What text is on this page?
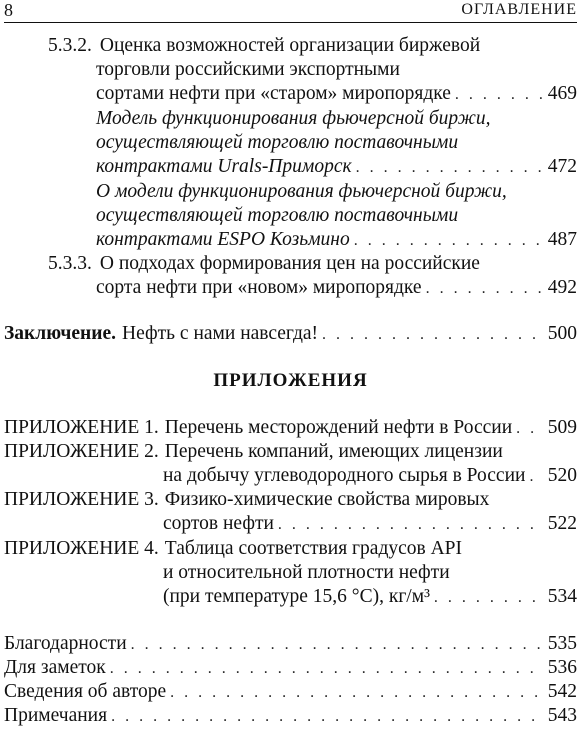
8	ОГЛАВЛЕНИЕ
5.3.2. Оценка возможностей организации биржевой
торговли российскими экспортными
сортами нефти при «старом» миропорядке . . .	469
Модель функционирования фьючерсной биржи,
осуществляющей торговлю поставочными
контрактами Urals-Приморск . . .	472
О модели функционирования фьючерсной биржи,
осуществляющей торговлю поставочными
контрактами ESPO Козьмино . . .	487
5.3.3. О подходах формирования цен на российские
сорта нефти при «новом» миропорядке . . .	492
Заключение. Нефть с нами навсегда! . . .	500
ПРИЛОЖЕНИЯ
ПРИЛОЖЕНИЕ 1. Перечень месторождений нефти в России . . . 509
ПРИЛОЖЕНИЕ 2. Перечень компаний, имеющих лицензии
на добычу углеводородного сырья в России . . . 520
ПРИЛОЖЕНИЕ 3. Физико-химические свойства мировых
сортов нефти . . .	522
ПРИЛОЖЕНИЕ 4. Таблица соответствия градусов API
и относительной плотности нефти
(при температуре 15,6 °С), кг/м³ . . .	534
Благодарности . . .	535
Для заметок . . .	536
Сведения об авторе . . .	542
Примечания . . .	543
